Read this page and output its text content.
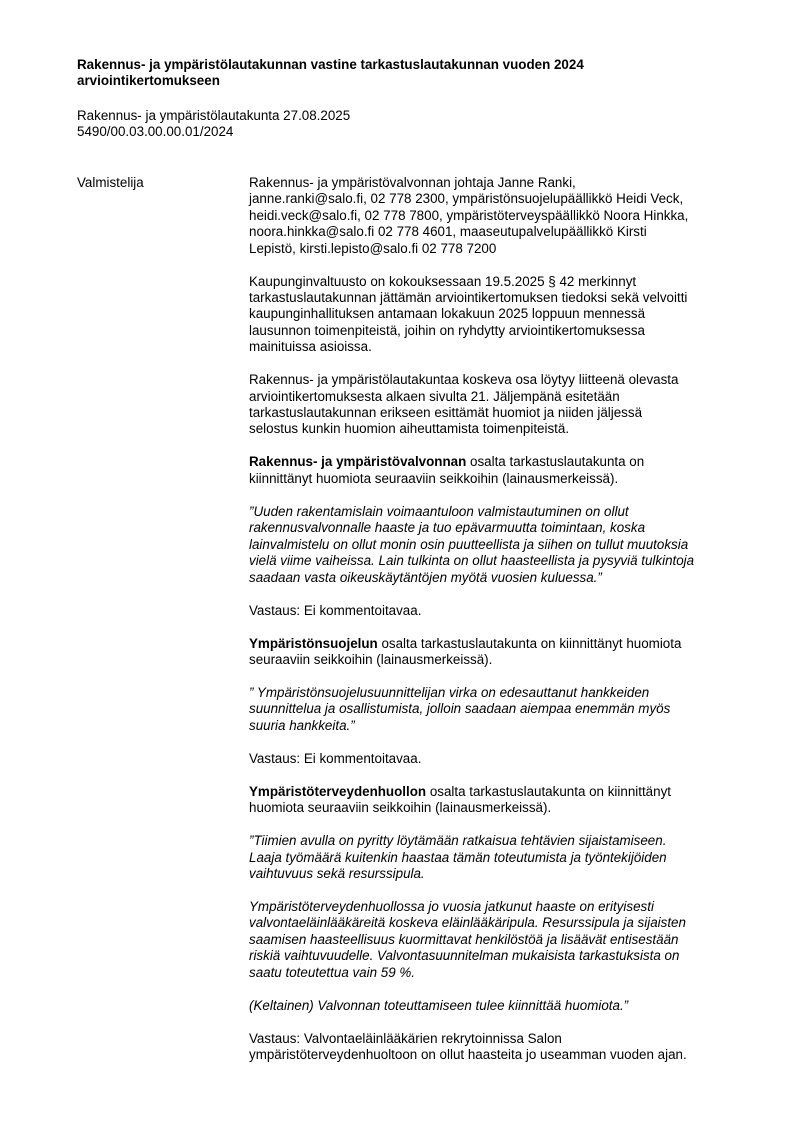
Rakennus- ja ympäristölautakunnan vastine tarkastuslautakunnan vuoden 2024 arviointikertomukseen
Rakennus- ja ympäristölautakunta 27.08.2025
5490/00.03.00.00.01/2024
Valmistelija	Rakennus- ja ympäristövalvonnan johtaja Janne Ranki,
janne.ranki@salo.fi, 02 778 2300, ympäristönsuojelupäällikkö Heidi Veck,
heidi.veck@salo.fi, 02 778 7800, ympäristöterveyspäällikkö Noora Hinkka,
noora.hinkka@salo.fi 02 778 4601, maaseutupalvelupäällikkö Kirsti
Lepistö, kirsti.lepisto@salo.fi 02 778 7200

Kaupunginvaltuusto on kokouksessaan 19.5.2025 § 42 merkinnyt
tarkastuslautakunnan jättämän arviointikertomuksen tiedoksi sekä velvoitti
kaupunginhallituksen antamaan lokakuun 2025 loppuun mennessä
lausunnon toimenpiteistä, joihin on ryhdytty arviointikertomuksessa
mainituissa asioissa.

Rakennus- ja ympäristölautakuntaa koskeva osa löytyy liitteenä olevasta
arviointikertomuksesta alkaen sivulta 21. Jäljempänä esitetään
tarkastuslautakunnan erikseen esittämät huomiot ja niiden jäljessä
selostus kunkin huomion aiheuttamista toimenpiteistä.

Rakennus- ja ympäristövalvonnan osalta tarkastuslautakunta on
kiinnittänyt huomiota seuraaviin seikkoihin (lainausmerkeissä).

”Uuden rakentamislain voimaantuloon valmistautuminen on ollut
rakennusvalvonnalle haaste ja tuo epävarmuutta toimintaan, koska
lainvalmistelu on ollut monin osin puutteellista ja siihen on tullut muutoksia
vielä viime vaiheissa. Lain tulkinta on ollut haasteellista ja pysyviä tulkintoja
saadaan vasta oikeuskäytäntöjen myötä vuosien kuluessa.”

Vastaus: Ei kommentoitavaa.

Ympäristönsuojelun osalta tarkastuslautakunta on kiinnittänyt huomiota
seuraaviin seikkoihin (lainausmerkeissä).

” Ympäristönsuojelusuunnittelijan virka on edesauttanut hankkeiden
suunnittelua ja osallistumista, jolloin saadaan aiempaa enemmän myös
suuria hankkeita.”

Vastaus: Ei kommentoitavaa.

Ympäristöterveydenhuollon osalta tarkastuslautakunta on kiinnittänyt
huomiota seuraaviin seikkoihin (lainausmerkeissä).

”Tiimien avulla on pyritty löytämään ratkaisua tehtävien sijaistamiseen.
Laaja työmäärä kuitenkin haastaa tämän toteutumista ja työntekijöiden
vaihtuvuus sekä resurssipula.

Ympäristöterveydenhuollossa jo vuosia jatkunut haaste on erityisesti
valvontaeläinlääkäreitä koskeva eläinlääkäripula. Resurssipula ja sijaisten
saamisen haasteellisuus kuormittavat henkilöstöä ja lisäävät entisestään
riskiä vaihtuvuudelle. Valvontasuunnitelman mukaisista tarkastuksista on
saatu toteutettua vain 59 %.

(Keltainen) Valvonnan toteuttamiseen tulee kiinnittää huomiota.”

Vastaus: Valvontaeläinlääkärien rekrytoinnissa Salon
ympäristöterveydenhuoltoon on ollut haasteita jo useamman vuoden ajan.
